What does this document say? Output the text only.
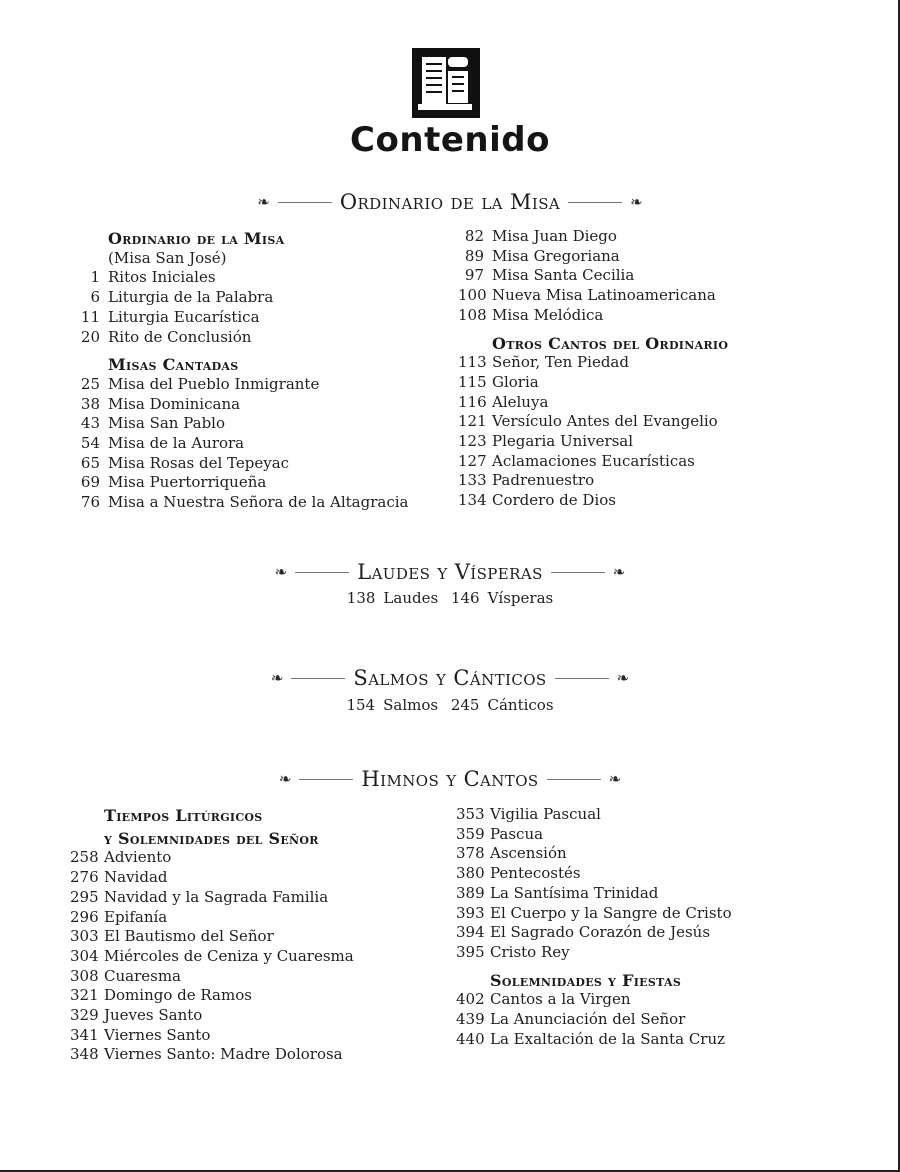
Contenido
❧	Ordinario de la Misa	❧
Ordinario de la Misa
(Misa San José)
1 Ritos Iniciales
6 Liturgia de la Palabra
11 Liturgia Eucarística
20 Rito de Conclusión
Misas Cantadas
25 Misa del Pueblo Inmigrante
38 Misa Dominicana
43 Misa San Pablo
54 Misa de la Aurora
65 Misa Rosas del Tepeyac
69 Misa Puertorriqueña
76 Misa a Nuestra Señora de la Altagracia
82 Misa Juan Diego
89 Misa Gregoriana
97 Misa Santa Cecilia
100 Nueva Misa Latinoamericana
108 Misa Melódica
Otros Cantos del Ordinario
113 Señor, Ten Piedad
115 Gloria
116 Aleluya
121 Versículo Antes del Evangelio
123 Plegaria Universal
127 Aclamaciones Eucarísticas
133 Padrenuestro
134 Cordero de Dios
❧	Laudes y Vísperas	❧
138 Laudes 146 Vísperas
❧	Salmos y Cánticos	❧
154 Salmos 245 Cánticos
❧	Himnos y Cantos	❧
Tiempos Litúrgicos
y Solemnidades del Señor
258 Adviento
276 Navidad
295 Navidad y la Sagrada Familia
296 Epifanía
303 El Bautismo del Señor
304 Miércoles de Ceniza y Cuaresma
308 Cuaresma
321 Domingo de Ramos
329 Jueves Santo
341 Viernes Santo
348 Viernes Santo: Madre Dolorosa
353 Vigilia Pascual
359 Pascua
378 Ascensión
380 Pentecostés
389 La Santísima Trinidad
393 El Cuerpo y la Sangre de Cristo
394 El Sagrado Corazón de Jesús
395 Cristo Rey
Solemnidades y Fiestas
402 Cantos a la Virgen
439 La Anunciación del Señor
440 La Exaltación de la Santa Cruz
